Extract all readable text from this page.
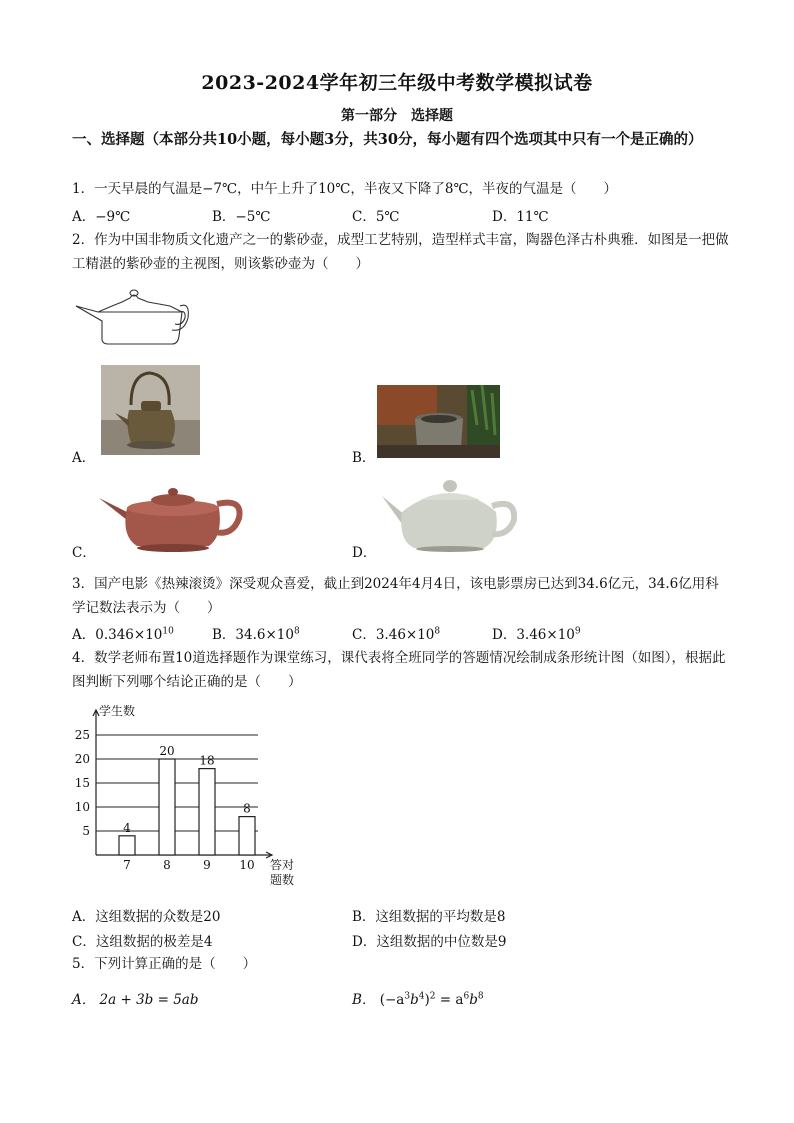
2023-2024学年初三年级中考数学模拟试卷
第一部分　选择题
一、选择题（本部分共10小题，每小题3分，共30分，每小题有四个选项其中只有一个是正确的）
1．一天早晨的气温是−7℃，中午上升了10℃，半夜又下降了8℃，半夜的气温是（　　）
A．−9℃	B．−5℃	C．5℃	D．11℃
2．作为中国非物质文化遗产之一的紫砂壶，成型工艺特别，造型样式丰富，陶器色泽古朴典雅．如图是一把做工精湛的紫砂壶的主视图，则该紫砂壶为（　　）
A．	B．
C．	D．
3．国产电影《热辣滚烫》深受观众喜爱，截止到2024年4月4日，该电影票房已达到34.6亿元，34.6亿用科学记数法表示为（　　）
A．$0.346\times 10^{10}$	B．$34.6\times 10^8$	C．$3.46\times 10^8$	D．$3.46\times 10^9$
4．数学老师布置10道选择题作为课堂练习，课代表将全班同学的答题情况绘制成条形统计图（如图），根据此图判断下列哪个结论正确的是（　　）
5
10
15
20
25
学生数
4
7
20
8
18
9
8
10 答对
题数
A．这组数据的众数是20	B．这组数据的平均数是8
C．这组数据的极差是4	D．这组数据的中位数是9
5．下列计算正确的是（　　）
A． 2a + 3b = 5ab	B． $(-a^3b^4)^2 = a^6b^8$
